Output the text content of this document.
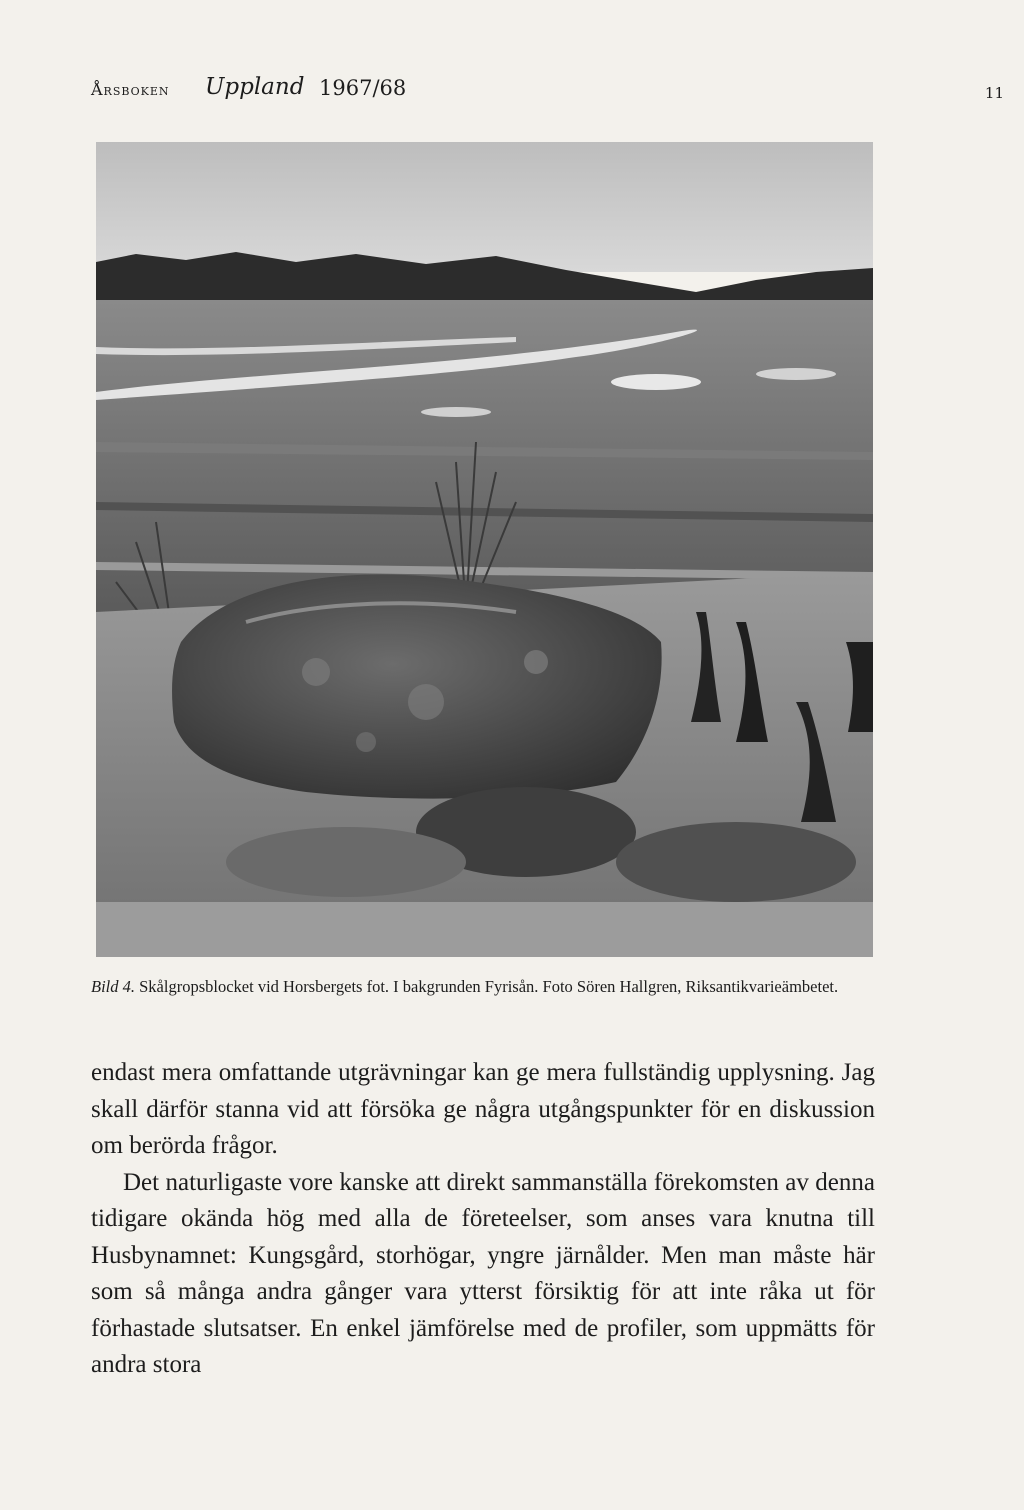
Årsboken Uppland 1967/68	11
Bild 4. Skålgropsblocket vid Horsbergets fot. I bakgrunden Fyrisån. Foto Sören Hallgren, Riksantikvarieämbetet.

endast mera omfattande utgrävningar kan ge mera fullständig upplysning. Jag skall därför stanna vid att försöka ge några utgångspunkter för en diskussion om berörda frågor.

Det naturligaste vore kanske att direkt sammanställa förekomsten av denna tidigare okända hög med alla de företeelser, som anses vara knutna till Husbynamnet: Kungsgård, storhögar, yngre järnålder. Men man måste här som så många andra gånger vara ytterst försiktig för att inte råka ut för förhastade slutsatser. En enkel jämförelse med de profiler, som uppmätts för andra stora
